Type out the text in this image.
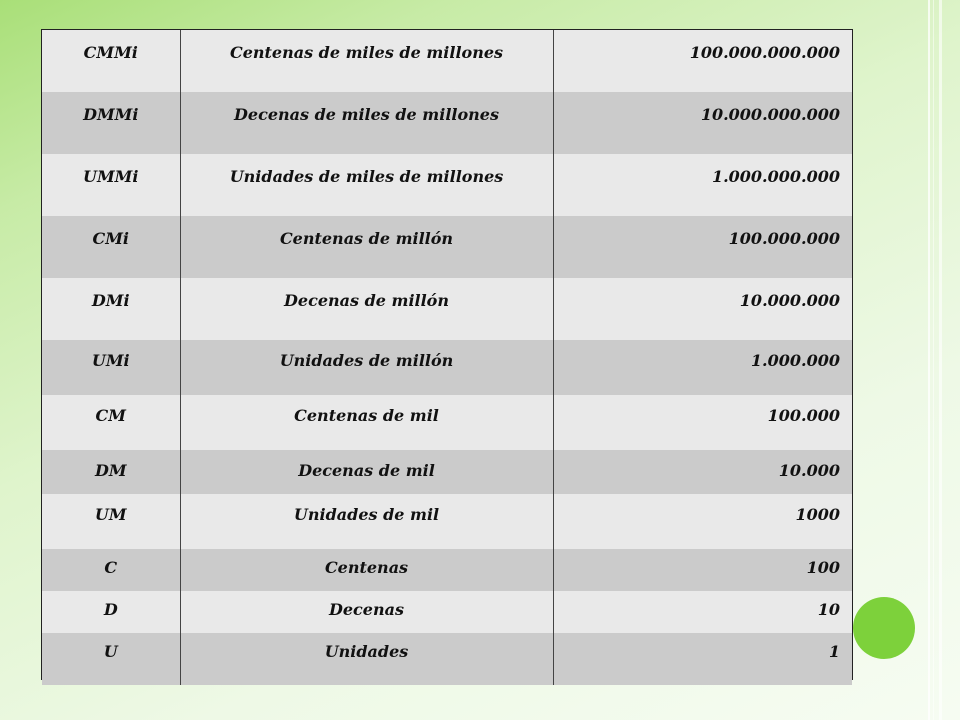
CMMi	Centenas de miles de millones	100.000.000.000
DMMi	Decenas de miles de millones	10.000.000.000
UMMi	Unidades de miles de millones	1.000.000.000
CMi	Centenas de millón	100.000.000
DMi	Decenas de millón	10.000.000
UMi	Unidades de millón	1.000.000
CM	Centenas de mil	100.000
DM	Decenas de mil	10.000
UM	Unidades de mil	1000
C	Centenas	100
D	Decenas	10
U	Unidades	1
